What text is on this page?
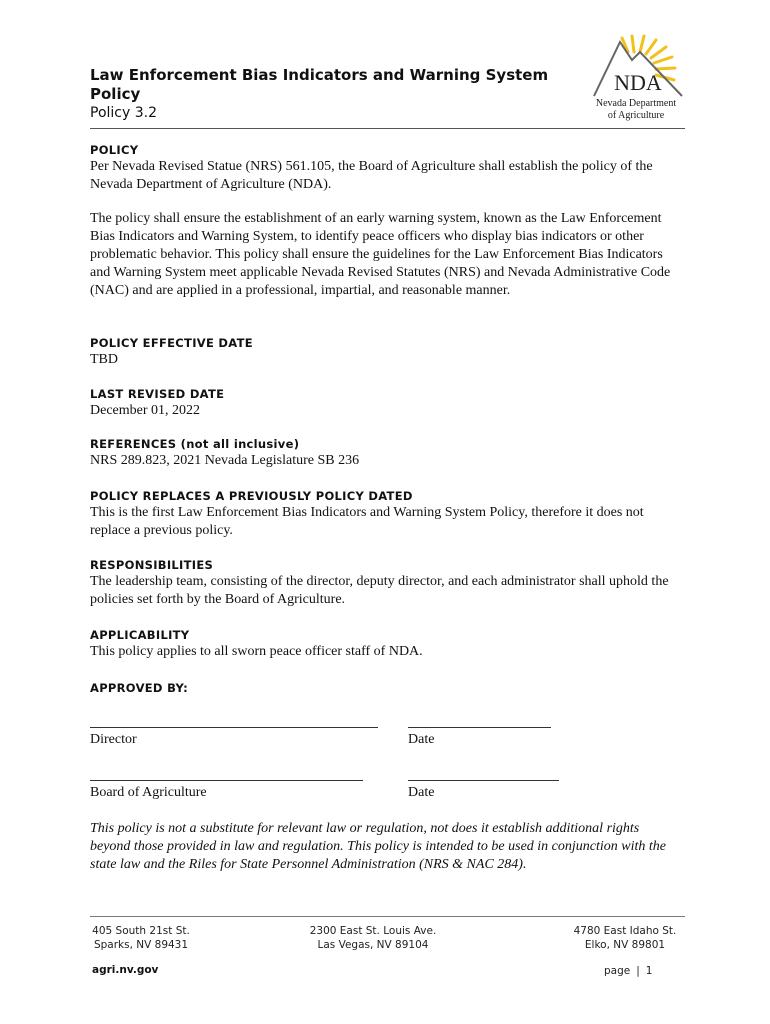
Law Enforcement Bias Indicators and Warning System Policy
Policy 3.2
NDA
Nevada Department
of Agriculture
POLICY

Per Nevada Revised Statue (NRS) 561.105, the Board of Agriculture shall establish the policy of the Nevada Department of Agriculture (NDA).

The policy shall ensure the establishment of an early warning system, known as the Law Enforcement Bias Indicators and Warning System, to identify peace officers who display bias indicators or other problematic behavior. This policy shall ensure the guidelines for the Law Enforcement Bias Indicators and Warning System meet applicable Nevada Revised Statutes (NRS) and Nevada Administrative Code (NAC) and are applied in a professional, impartial, and reasonable manner.

POLICY EFFECTIVE DATE

TBD

LAST REVISED DATE

December 01, 2022

REFERENCES (not all inclusive)

NRS 289.823, 2021 Nevada Legislature SB 236

POLICY REPLACES A PREVIOUSLY POLICY DATED

This is the first Law Enforcement Bias Indicators and Warning System Policy, therefore it does not replace a previous policy.

RESPONSIBILITIES

The leadership team, consisting of the director, deputy director, and each administrator shall uphold the policies set forth by the Board of Agriculture.

APPLICABILITY

This policy applies to all sworn peace officer staff of NDA.

APPROVED BY:
Director	Date
Board of Agriculture	Date
This policy is not a substitute for relevant law or regulation, not does it establish additional rights beyond those provided in law and regulation. This policy is intended to be used in conjunction with the state law and the Riles for State Personnel Administration (NRS & NAC 284).
405 South 21st St.
Sparks, NV 89431
2300 East St. Louis Ave.
Las Vegas, NV 89104
4780 East Idaho St.
Elko, NV 89801
agri.nv.gov	page | 1
